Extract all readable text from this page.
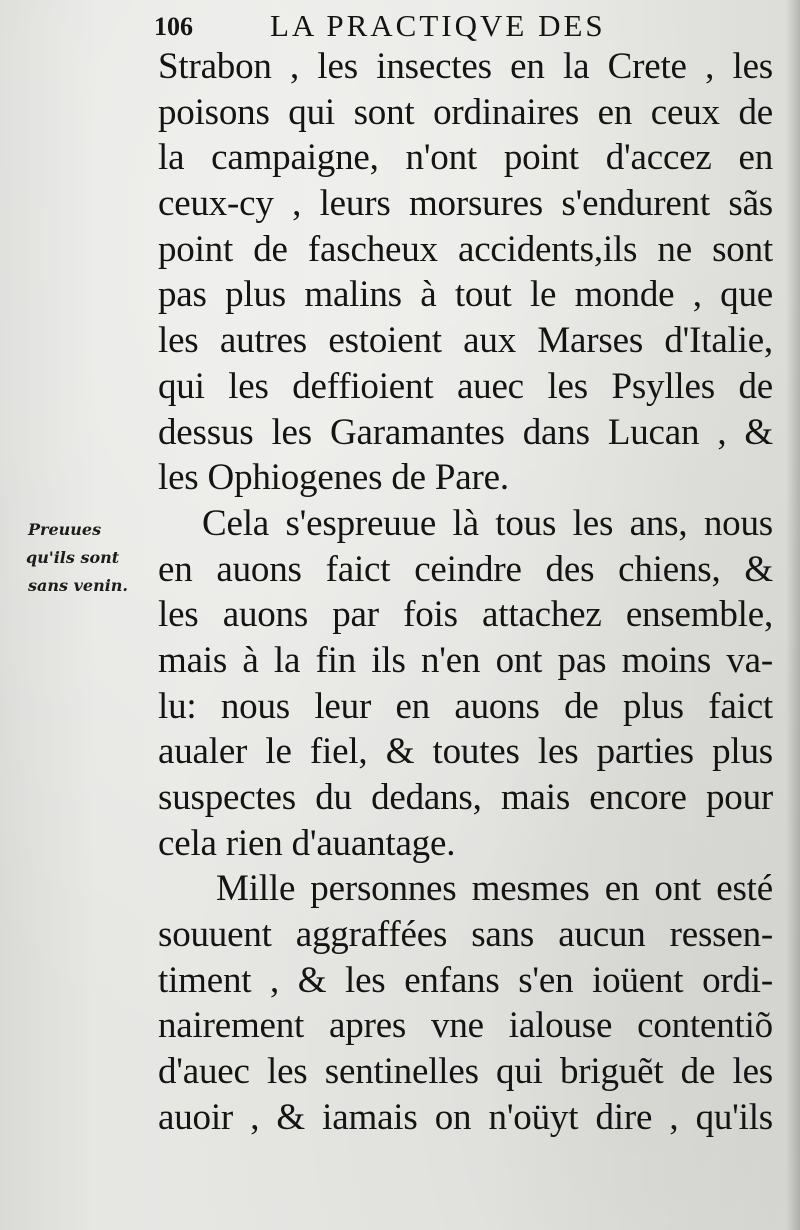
106 LA PRACTIQVE DES
Preuues
qu'ils sont
sans venin.
Strabon , les insectes en la Crete , les
poisons qui sont ordinaires en ceux de
la campaigne, n'ont point d'accez en
ceux-cy , leurs morsures s'endurent sãs
point de fascheux accidents,ils ne sont
pas plus malins à tout le monde , que
les autres estoient aux Marses d'Italie,
qui les deffioient auec les Psylles de
dessus les Garamantes dans Lucan , &
les Ophiogenes de Pare.
Cela s'espreuue là tous les ans, nous
en auons faict ceindre des chiens, &
les auons par fois attachez ensemble,
mais à la fin ils n'en ont pas moins va-
lu: nous leur en auons de plus faict
aualer le fiel, & toutes les parties plus
suspectes du dedans, mais encore pour
cela rien d'auantage.
Mille personnes mesmes en ont esté
souuent aggraffées sans aucun ressen-
timent , & les enfans s'en ioüent ordi-
nairement apres vne ialouse contentiõ
d'auec les sentinelles qui briguẽt de les
auoir , & iamais on n'oüyt dire , qu'ils
